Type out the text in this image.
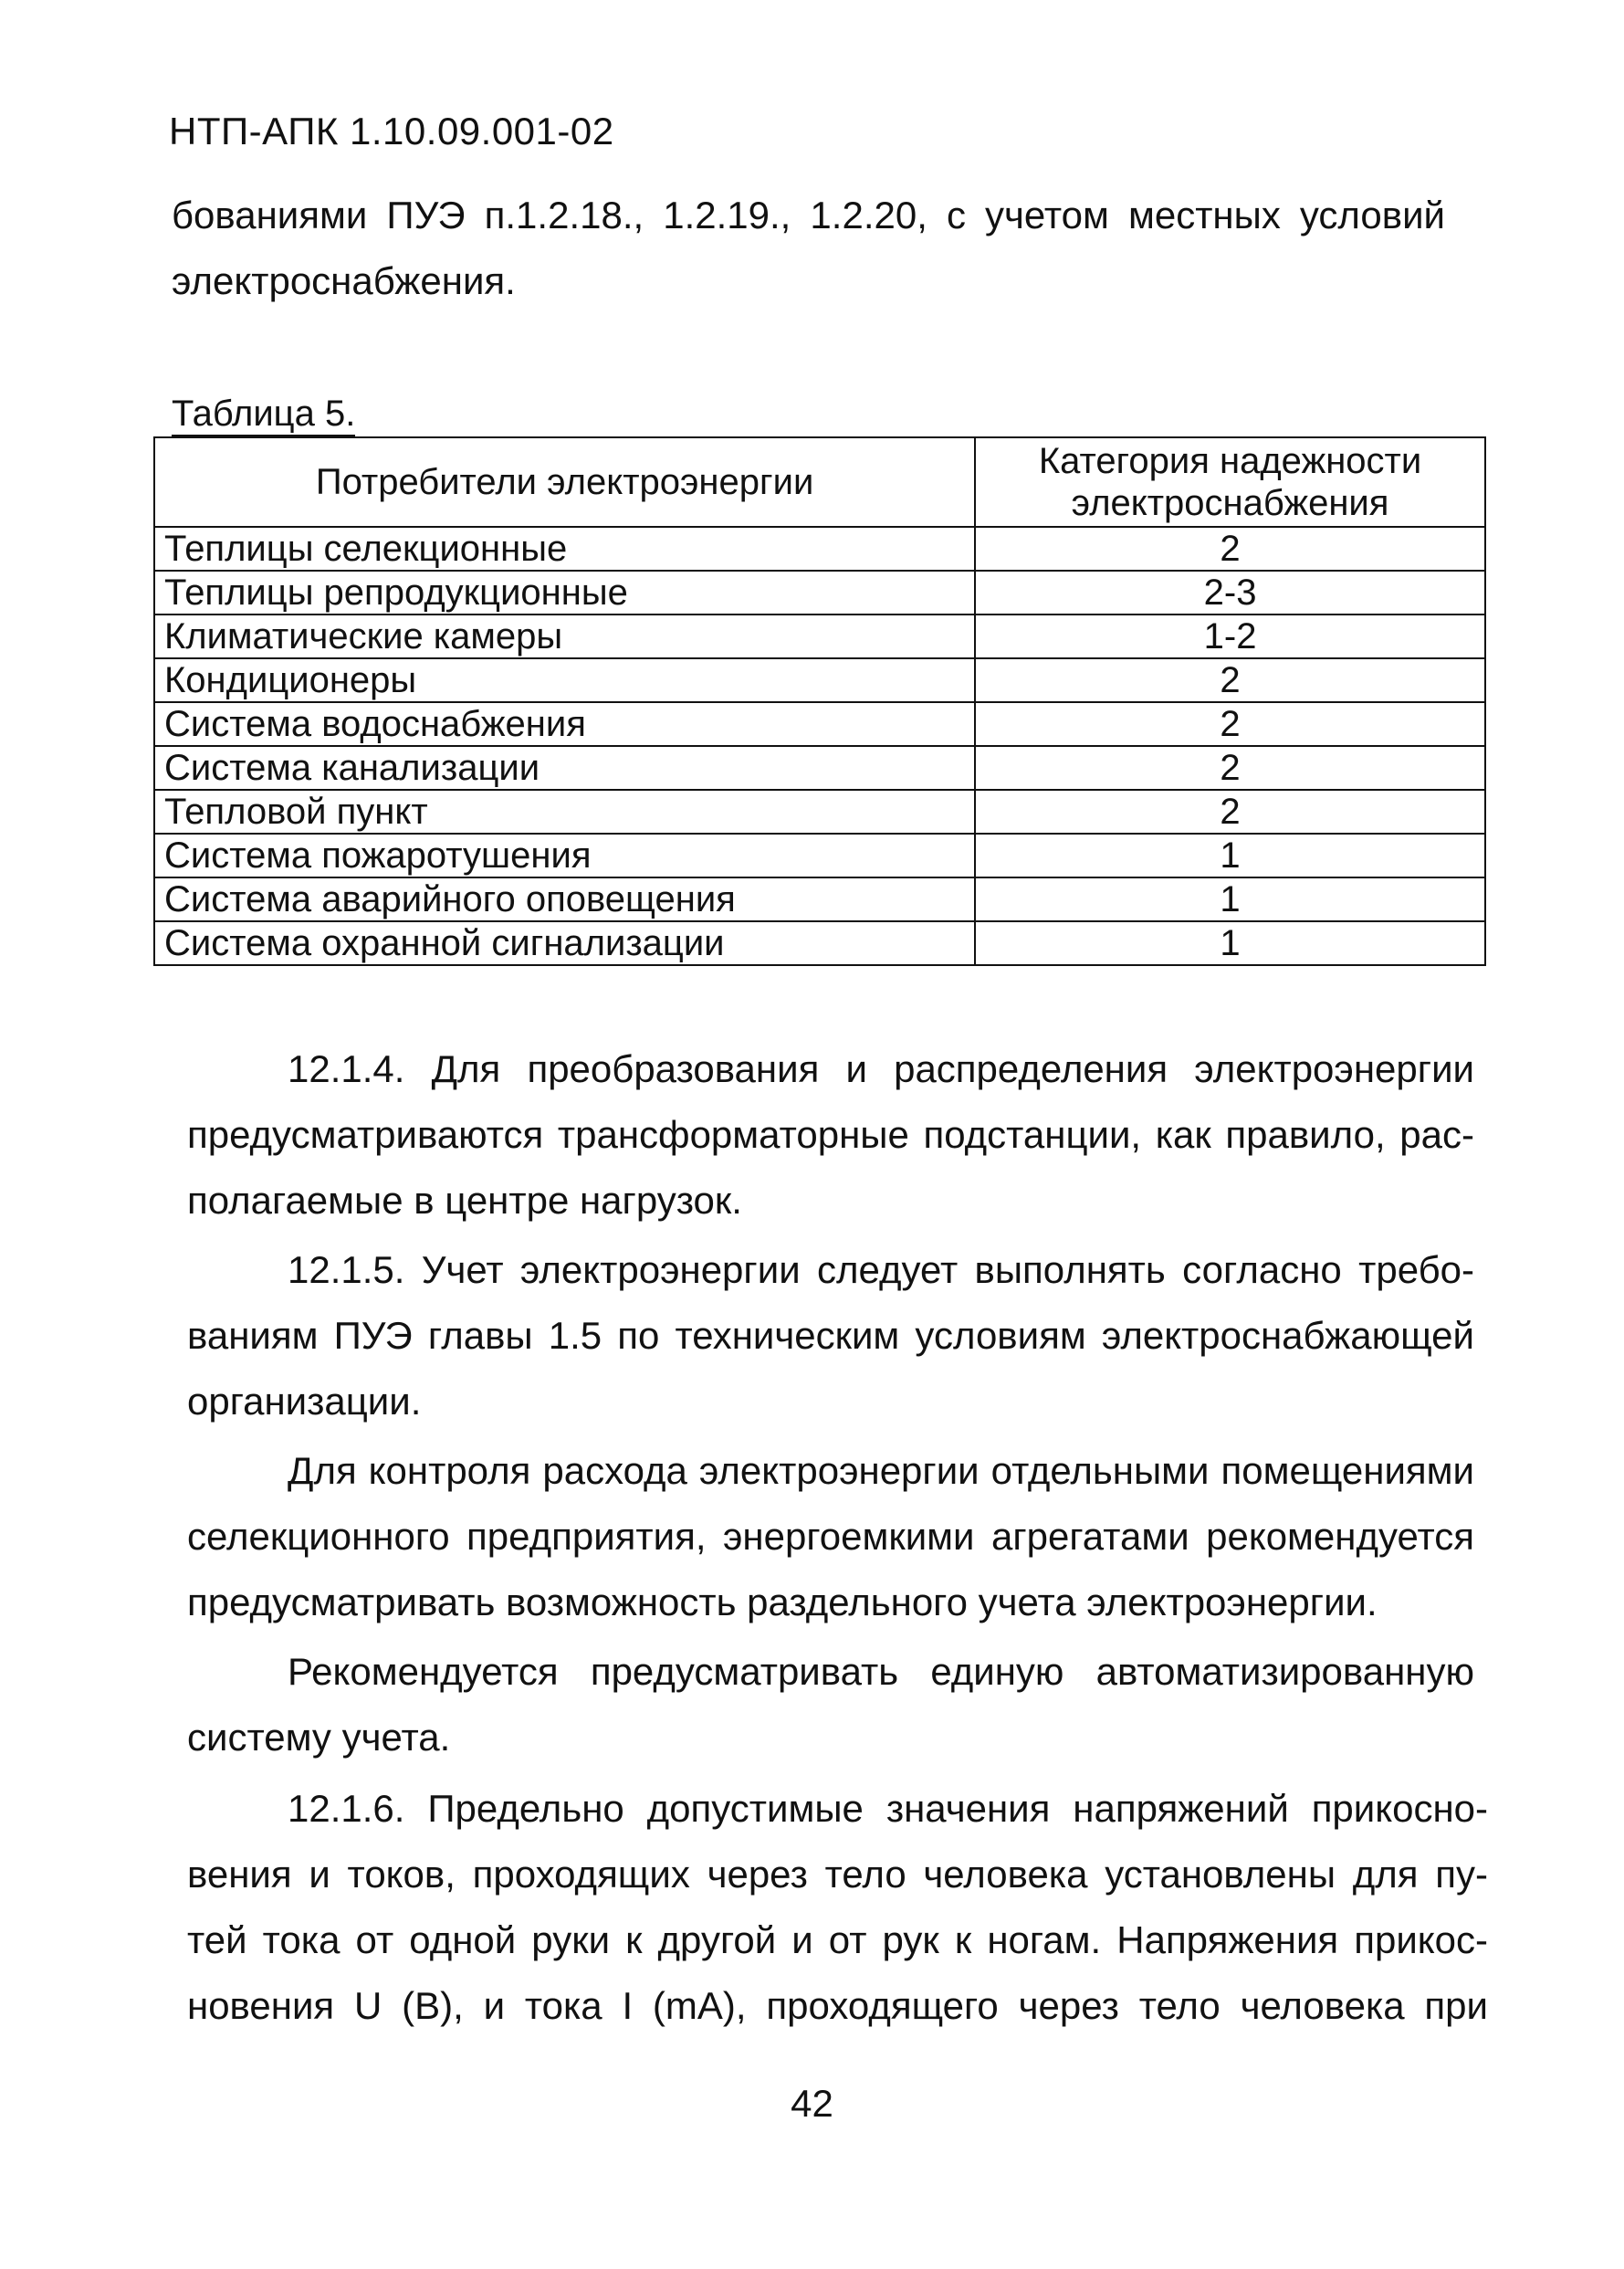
НТП-АПК 1.10.09.001-02
бованиями ПУЭ п.1.2.18., 1.2.19., 1.2.20, с учетом местных условий
электроснабжения.
Таблица 5.
Потребители электроэнергии	Категория надежности
электроснабжения
Теплицы селекционные	2
Теплицы репродукционные	2-3
Климатические камеры	1-2
Кондиционеры	2
Система водоснабжения	2
Система канализации	2
Тепловой пункт	2
Система пожаротушения	1
Система аварийного оповещения	1
Система охранной сигнализации	1
12.1.4. Для преобразования и распределения электроэнергии
предусматриваются трансформаторные подстанции, как правило, рас-
полагаемые в центре нагрузок.
12.1.5. Учет электроэнергии следует выполнять согласно требо-
ваниям ПУЭ главы 1.5 по техническим условиям электроснабжающей
организации.
Для контроля расхода электроэнергии отдельными помещениями
селекционного предприятия, энергоемкими агрегатами рекомендуется
предусматривать возможность раздельного учета электроэнергии.
Рекомендуется предусматривать единую автоматизированную
систему учета.
12.1.6. Предельно допустимые значения напряжений прикосно-
вения и токов, проходящих через тело человека установлены для пу-
тей тока от одной руки к другой и от рук к ногам. Напряжения прикос-
новения U (B), и тока I (mA), проходящего через тело человека при
42
